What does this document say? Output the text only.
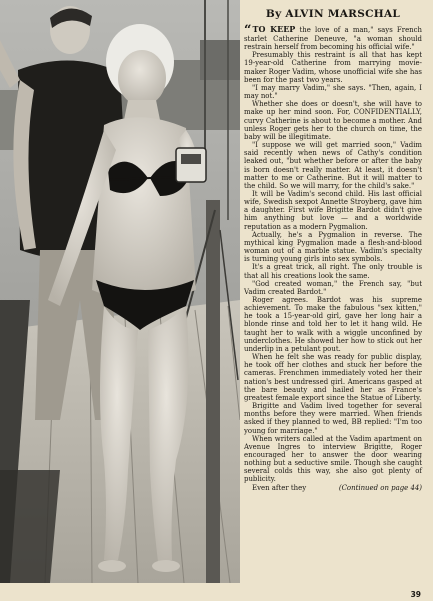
By ALVIN MARSCHAL

“TO KEEP the love of a man," says French starlet Catherine Deneuve, "a woman should restrain herself from becoming his official wife."

Presumably this restraint is all that has kept 19-year-old Catherine from marrying movie-maker Roger Vadim, whose unofficial wife she has been for the past two years.

"I may marry Vadim," she says. "Then, again, I may not."

Whether she does or doesn't, she will have to make up her mind soon. For, CONFIDENTIALLY, curvy Catherine is about to become a mother. And unless Roger gets her to the church on time, the baby will be illegitimate.

"I suppose we will get married soon," Vadim said recently when news of Cathy's condition leaked out, "but whether before or after the baby is born doesn't really matter. At least, it doesn't matter to me or Catherine. But it will matter to the child. So we will marry, for the child's sake."

It will be Vadim's second child. His last official wife, Swedish sexpot Annette Stroyberg, gave him a daughter. First wife Brigitte Bardot didn't give him anything but love — and a worldwide reputation as a modern Pygmalion.

Actually, he's a Pygmalion in reverse. The mythical king Pygmalion made a flesh-and-blood woman out of a marble statue. Vadim's specialty is turning young girls into sex symbols.

It's a great trick, all right. The only trouble is that all his creations look the same.

"God created woman," the French say, "but Vadim created Bardot."

Roger agrees. Bardot was his supreme achievement. To make the fabulous "sex kitten," he took a 15-year-old girl, gave her long hair a blonde rinse and told her to let it hang wild. He taught her to walk with a wiggle unconfined by underclothes. He showed her how to stick out her underlip in a petulant pout.

When he felt she was ready for public display, he took off her clothes and stuck her before the cameras. Frenchmen immediately voted her their nation's best undressed girl. Americans gasped at the bare beauty and hailed her as France's greatest female export since the Statue of Liberty.

Brigitte and Vadim lived together for several months before they were married. When friends asked if they planned to wed, BB replied: "I'm too young for marriage."

When writers called at the Vadim apartment on Avenue Ingres to interview Brigitte, Roger encouraged her to answer the door wearing nothing but a seductive smile. Though she caught several colds this way, she also got plenty of publicity.

Even after they	(Continued on page 44)
39
